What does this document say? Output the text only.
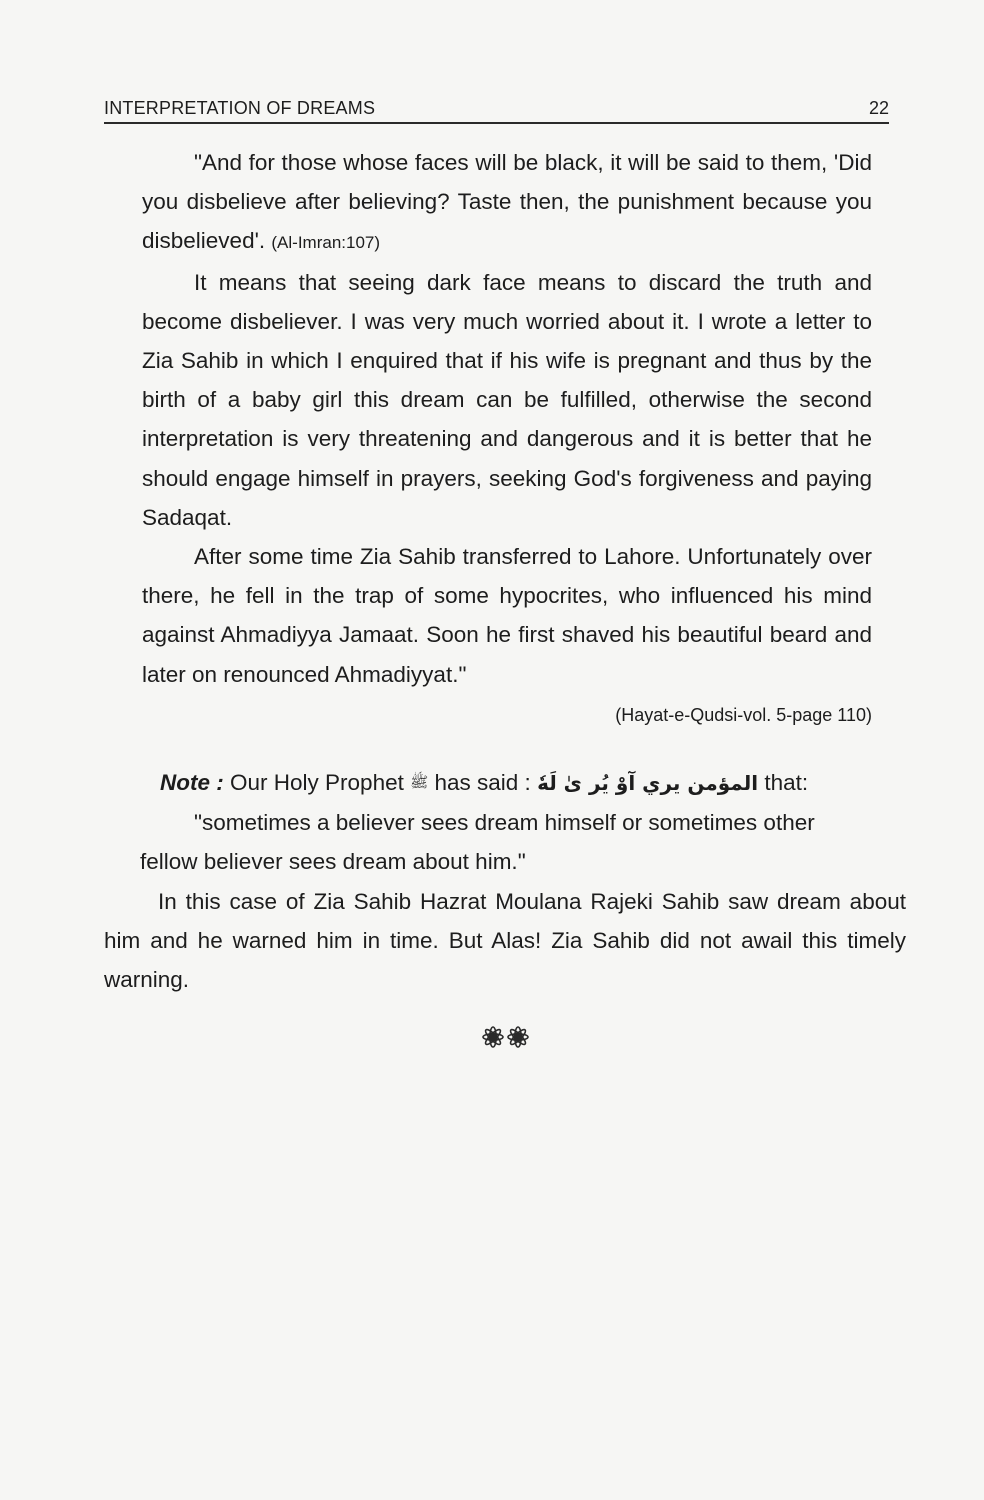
INTERPRETATION OF DREAMS	22

"And for those whose faces will be black, it will be said to them, 'Did you disbelieve after believing? Taste then, the punishment because you disbelieved'. (Al-Imran:107)

It means that seeing dark face means to discard the truth and become disbeliever. I was very much worried about it. I wrote a letter to Zia Sahib in which I enquired that if his wife is pregnant and thus by the birth of a baby girl this dream can be fulfilled, otherwise the second interpretation is very threatening and dangerous and it is better that he should engage himself in prayers, seeking God's forgiveness and paying Sadaqat.

After some time Zia Sahib transferred to Lahore. Unfortunately over there, he fell in the trap of some hypocrites, who influenced his mind against Ahmadiyya Jamaat. Soon he first shaved his beautiful beard and later on renounced Ahmadiyyat."

(Hayat-e-Qudsi-vol. 5-page 110)

Note : Our Holy Prophet ﷺ has said : المؤمن يري آوْ يُر ىٰ لَهٗ that:

"sometimes a believer sees dream himself or sometimes other fellow believer sees dream about him."

In this case of Zia Sahib Hazrat Moulana Rajeki Sahib saw dream about him and he warned him in time. But Alas! Zia Sahib did not awail this timely warning.
